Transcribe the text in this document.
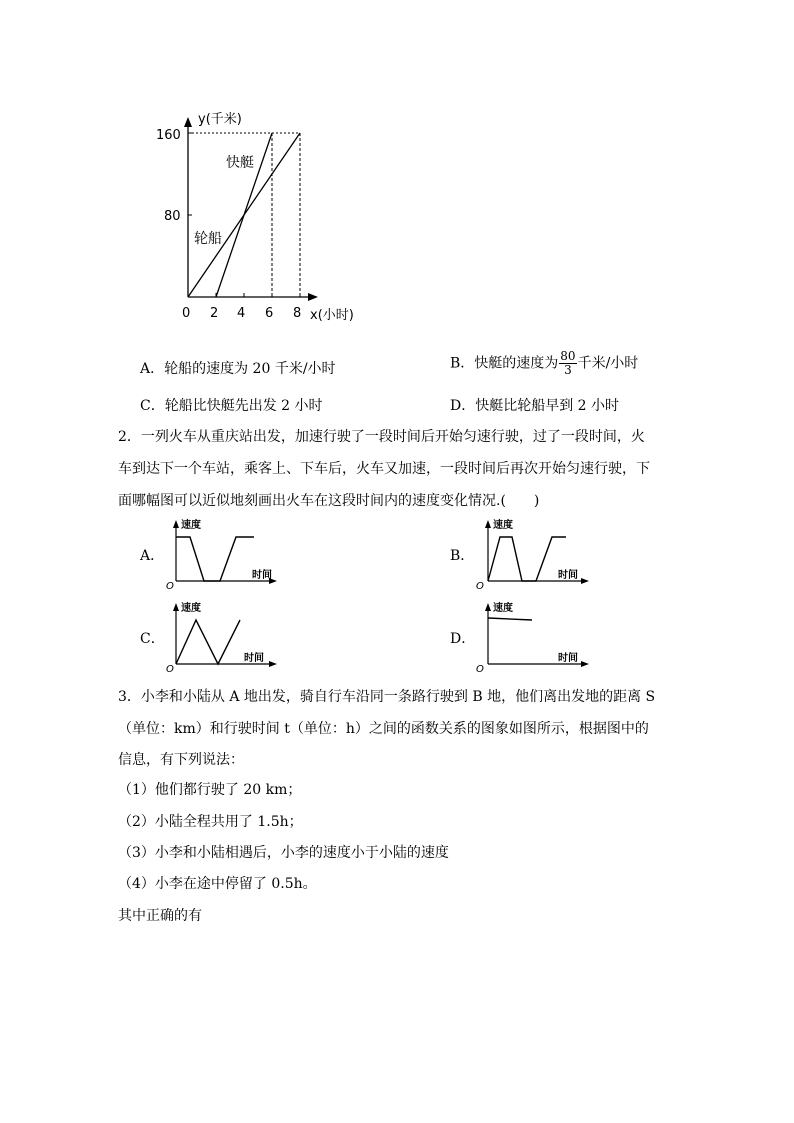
y(千米)
x(小时)
160
80
0 2 4 6 8
快艇
轮船
A．轮船的速度为 20 千米/小时	B．快艇的速度为 $\frac{80}{3}$ 千米/小时
C．轮船比快艇先出发 2 小时	D．快艇比轮船早到 2 小时
2．一列火车从重庆站出发，加速行驶了一段时间后开始匀速行驶，过了一段时间，火
车到达下一个车站，乘客上、下车后，火车又加速，一段时间后再次开始匀速行驶，下
面哪幅图可以近似地刻画出火车在这段时间内的速度变化情况.(　　)
A．
速度
时间
O
B．
速度
时间
O
C．
速度
时间
O
D．
速度
时间
O
3．小李和小陆从 A 地出发，骑自行车沿同一条路行驶到 B 地，他们离出发地的距离 S
（单位：km）和行驶时间 t（单位：h）之间的函数关系的图象如图所示，根据图中的
信息，有下列说法：
（1）他们都行驶了 20 km；
（2）小陆全程共用了 1.5h；
（3）小李和小陆相遇后，小李的速度小于小陆的速度
（4）小李在途中停留了 0.5h。
其中正确的有
